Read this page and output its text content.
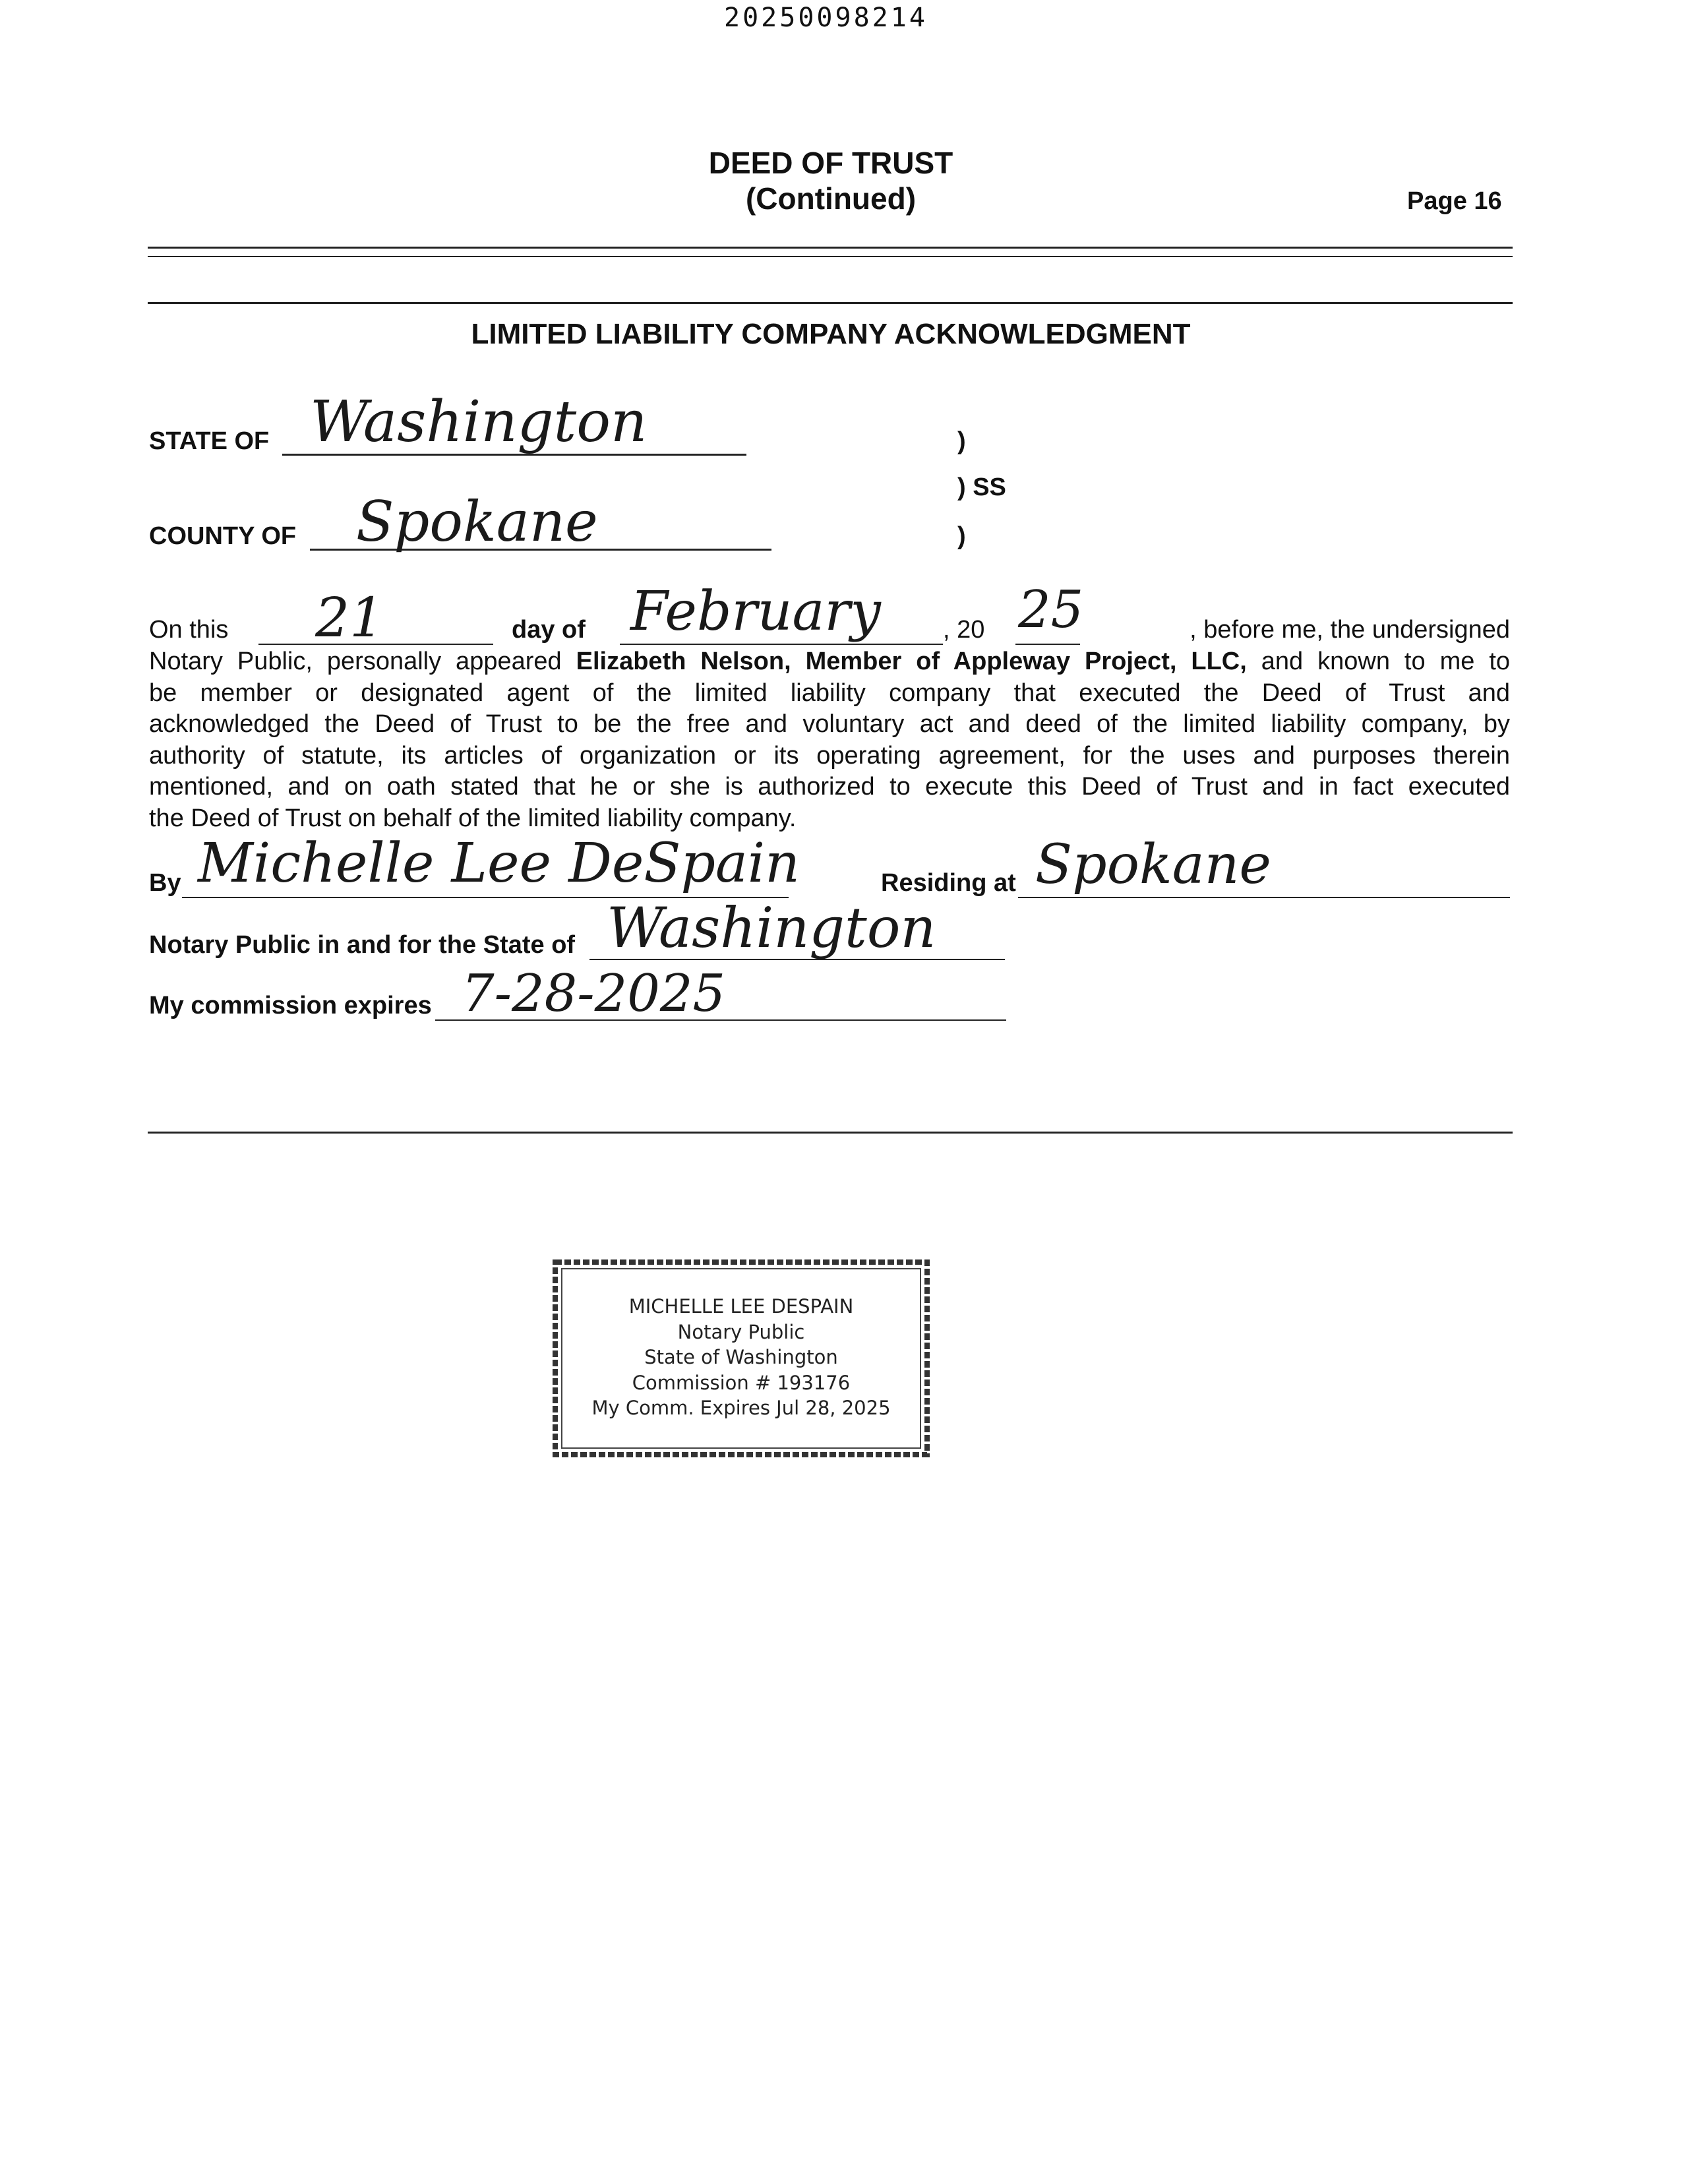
20250098214
DEED OF TRUST
(Continued)	Page 16
LIMITED LIABILITY COMPANY ACKNOWLEDGMENT
STATE OF Washington	)
) SS
)
COUNTY OF Spokane
On this 21	day of February , 20 25	, before me, the undersigned
Notary Public, personally appeared Elizabeth Nelson, Member of Appleway Project, LLC, and known to me to
be member or designated agent of the limited liability company that executed the Deed of Trust and
acknowledged the Deed of Trust to be the free and voluntary act and deed of the limited liability company, by
authority of statute, its articles of organization or its operating agreement, for the uses and purposes therein
mentioned, and on oath stated that he or she is authorized to execute this Deed of Trust and in fact executed
the Deed of Trust on behalf of the limited liability company.
By Michelle Lee DeSpain	Residing at Spokane
Notary Public in and for the State of Washington
My commission expires 7-28-2025
MICHELLE LEE DESPAIN
Notary Public
State of Washington
Commission # 193176
My Comm. Expires Jul 28, 2025
